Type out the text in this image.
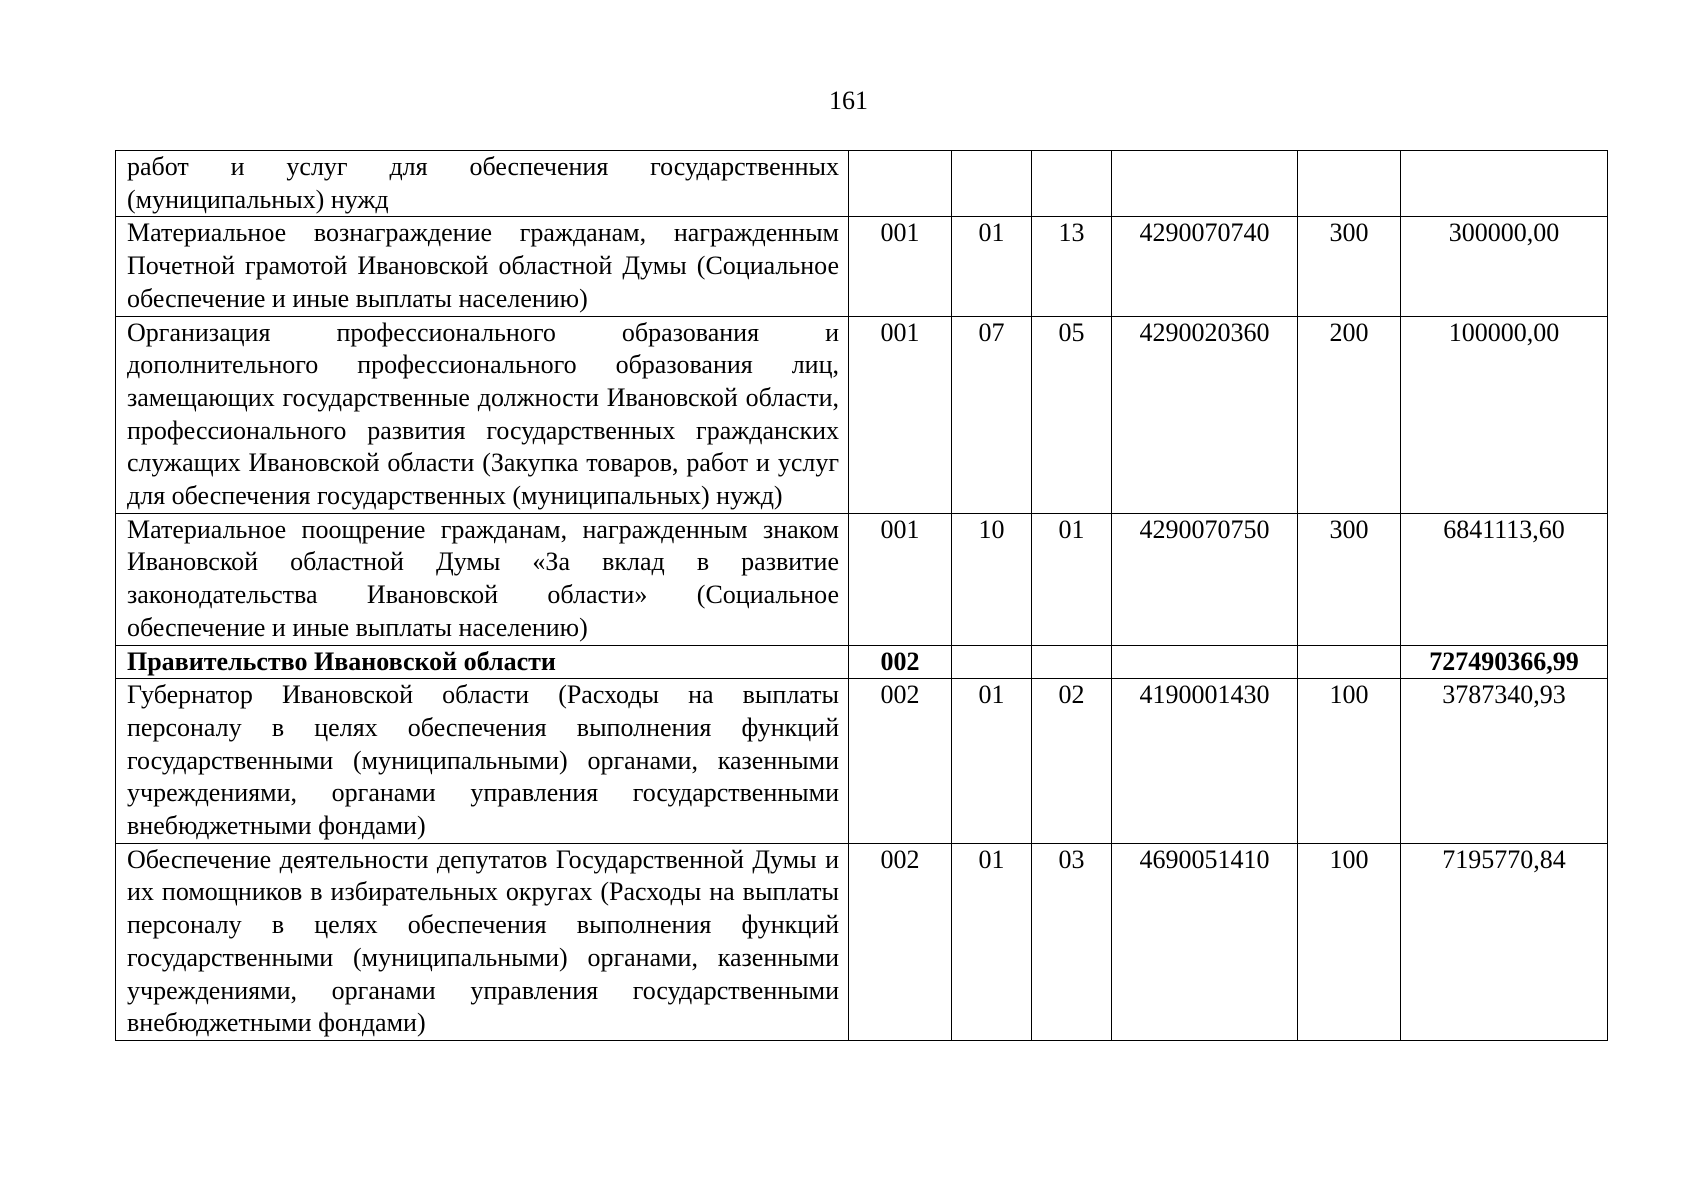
161
работ и услуг для обеспечения государственных (муниципальных) нужд						
Материальное вознаграждение гражданам, награжденным Почетной грамотой Ивановской областной Думы (Социальное обеспечение и иные выплаты населению)	001	01	13	4290070740	300	300000,00
Организация профессионального образования и дополнительного профессионального образования лиц, замещающих государственные должности Ивановской области, профессионального развития государственных гражданских служащих Ивановской области (Закупка товаров, работ и услуг для обеспечения государственных (муниципальных) нужд)	001	07	05	4290020360	200	100000,00
Материальное поощрение гражданам, награжденным знаком Ивановской областной Думы «За вклад в развитие законодательства Ивановской области» (Социальное обеспечение и иные выплаты населению)	001	10	01	4290070750	300	6841113,60
Правительство Ивановской области	002					727490366,99
Губернатор Ивановской области (Расходы на выплаты персоналу в целях обеспечения выполнения функций государственными (муниципальными) органами, казенными учреждениями, органами управления государственными внебюджетными фондами)	002	01	02	4190001430	100	3787340,93
Обеспечение деятельности депутатов Государственной Думы и их помощников в избирательных округах (Расходы на выплаты персоналу в целях обеспечения выполнения функций государственными (муниципальными) органами, казенными учреждениями, органами управления государственными внебюджетными фондами)	002	01	03	4690051410	100	7195770,84
